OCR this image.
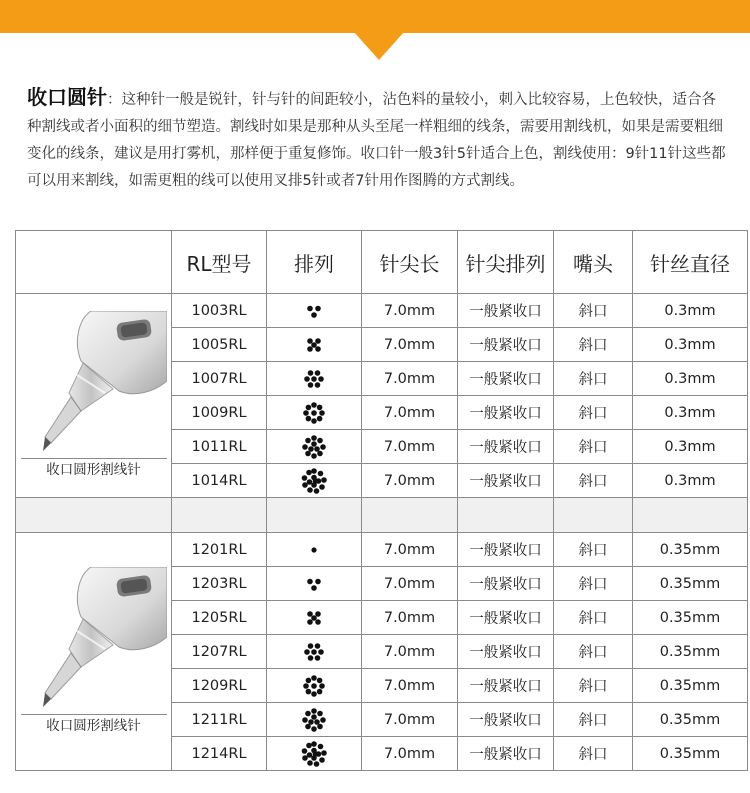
收口圆针：这种针一般是锐针，针与针的间距较小，沾色料的量较小，刺入比较容易，上色较快，适合各种割线或者小面积的细节塑造。割线时如果是那种从头至尾一样粗细的线条，需要用割线机，如果是需要粗细变化的线条，建议是用打雾机，那样便于重复修饰。收口针一般3针5针适合上色，割线使用：9针11针这些都可以用来割线，如需更粗的线可以使用叉排5针或者7针用作图腾的方式割线。
	RL型号	排列	针尖长	针尖排列	嘴头	针丝直径

收口圆形割线针	1003RL		7.0mm	一般紧收口	斜口	0.3mm
	1005RL		7.0mm	一般紧收口	斜口	0.3mm
	1007RL		7.0mm	一般紧收口	斜口	0.3mm
	1009RL		7.0mm	一般紧收口	斜口	0.3mm
	1011RL		7.0mm	一般紧收口	斜口	0.3mm
	1014RL		7.0mm	一般紧收口	斜口	0.3mm

收口圆形割线针	1201RL		7.0mm	一般紧收口	斜口	0.35mm
	1203RL		7.0mm	一般紧收口	斜口	0.35mm
	1205RL		7.0mm	一般紧收口	斜口	0.35mm
	1207RL		7.0mm	一般紧收口	斜口	0.35mm
	1209RL		7.0mm	一般紧收口	斜口	0.35mm
	1211RL		7.0mm	一般紧收口	斜口	0.35mm
	1214RL		7.0mm	一般紧收口	斜口	0.35mm
